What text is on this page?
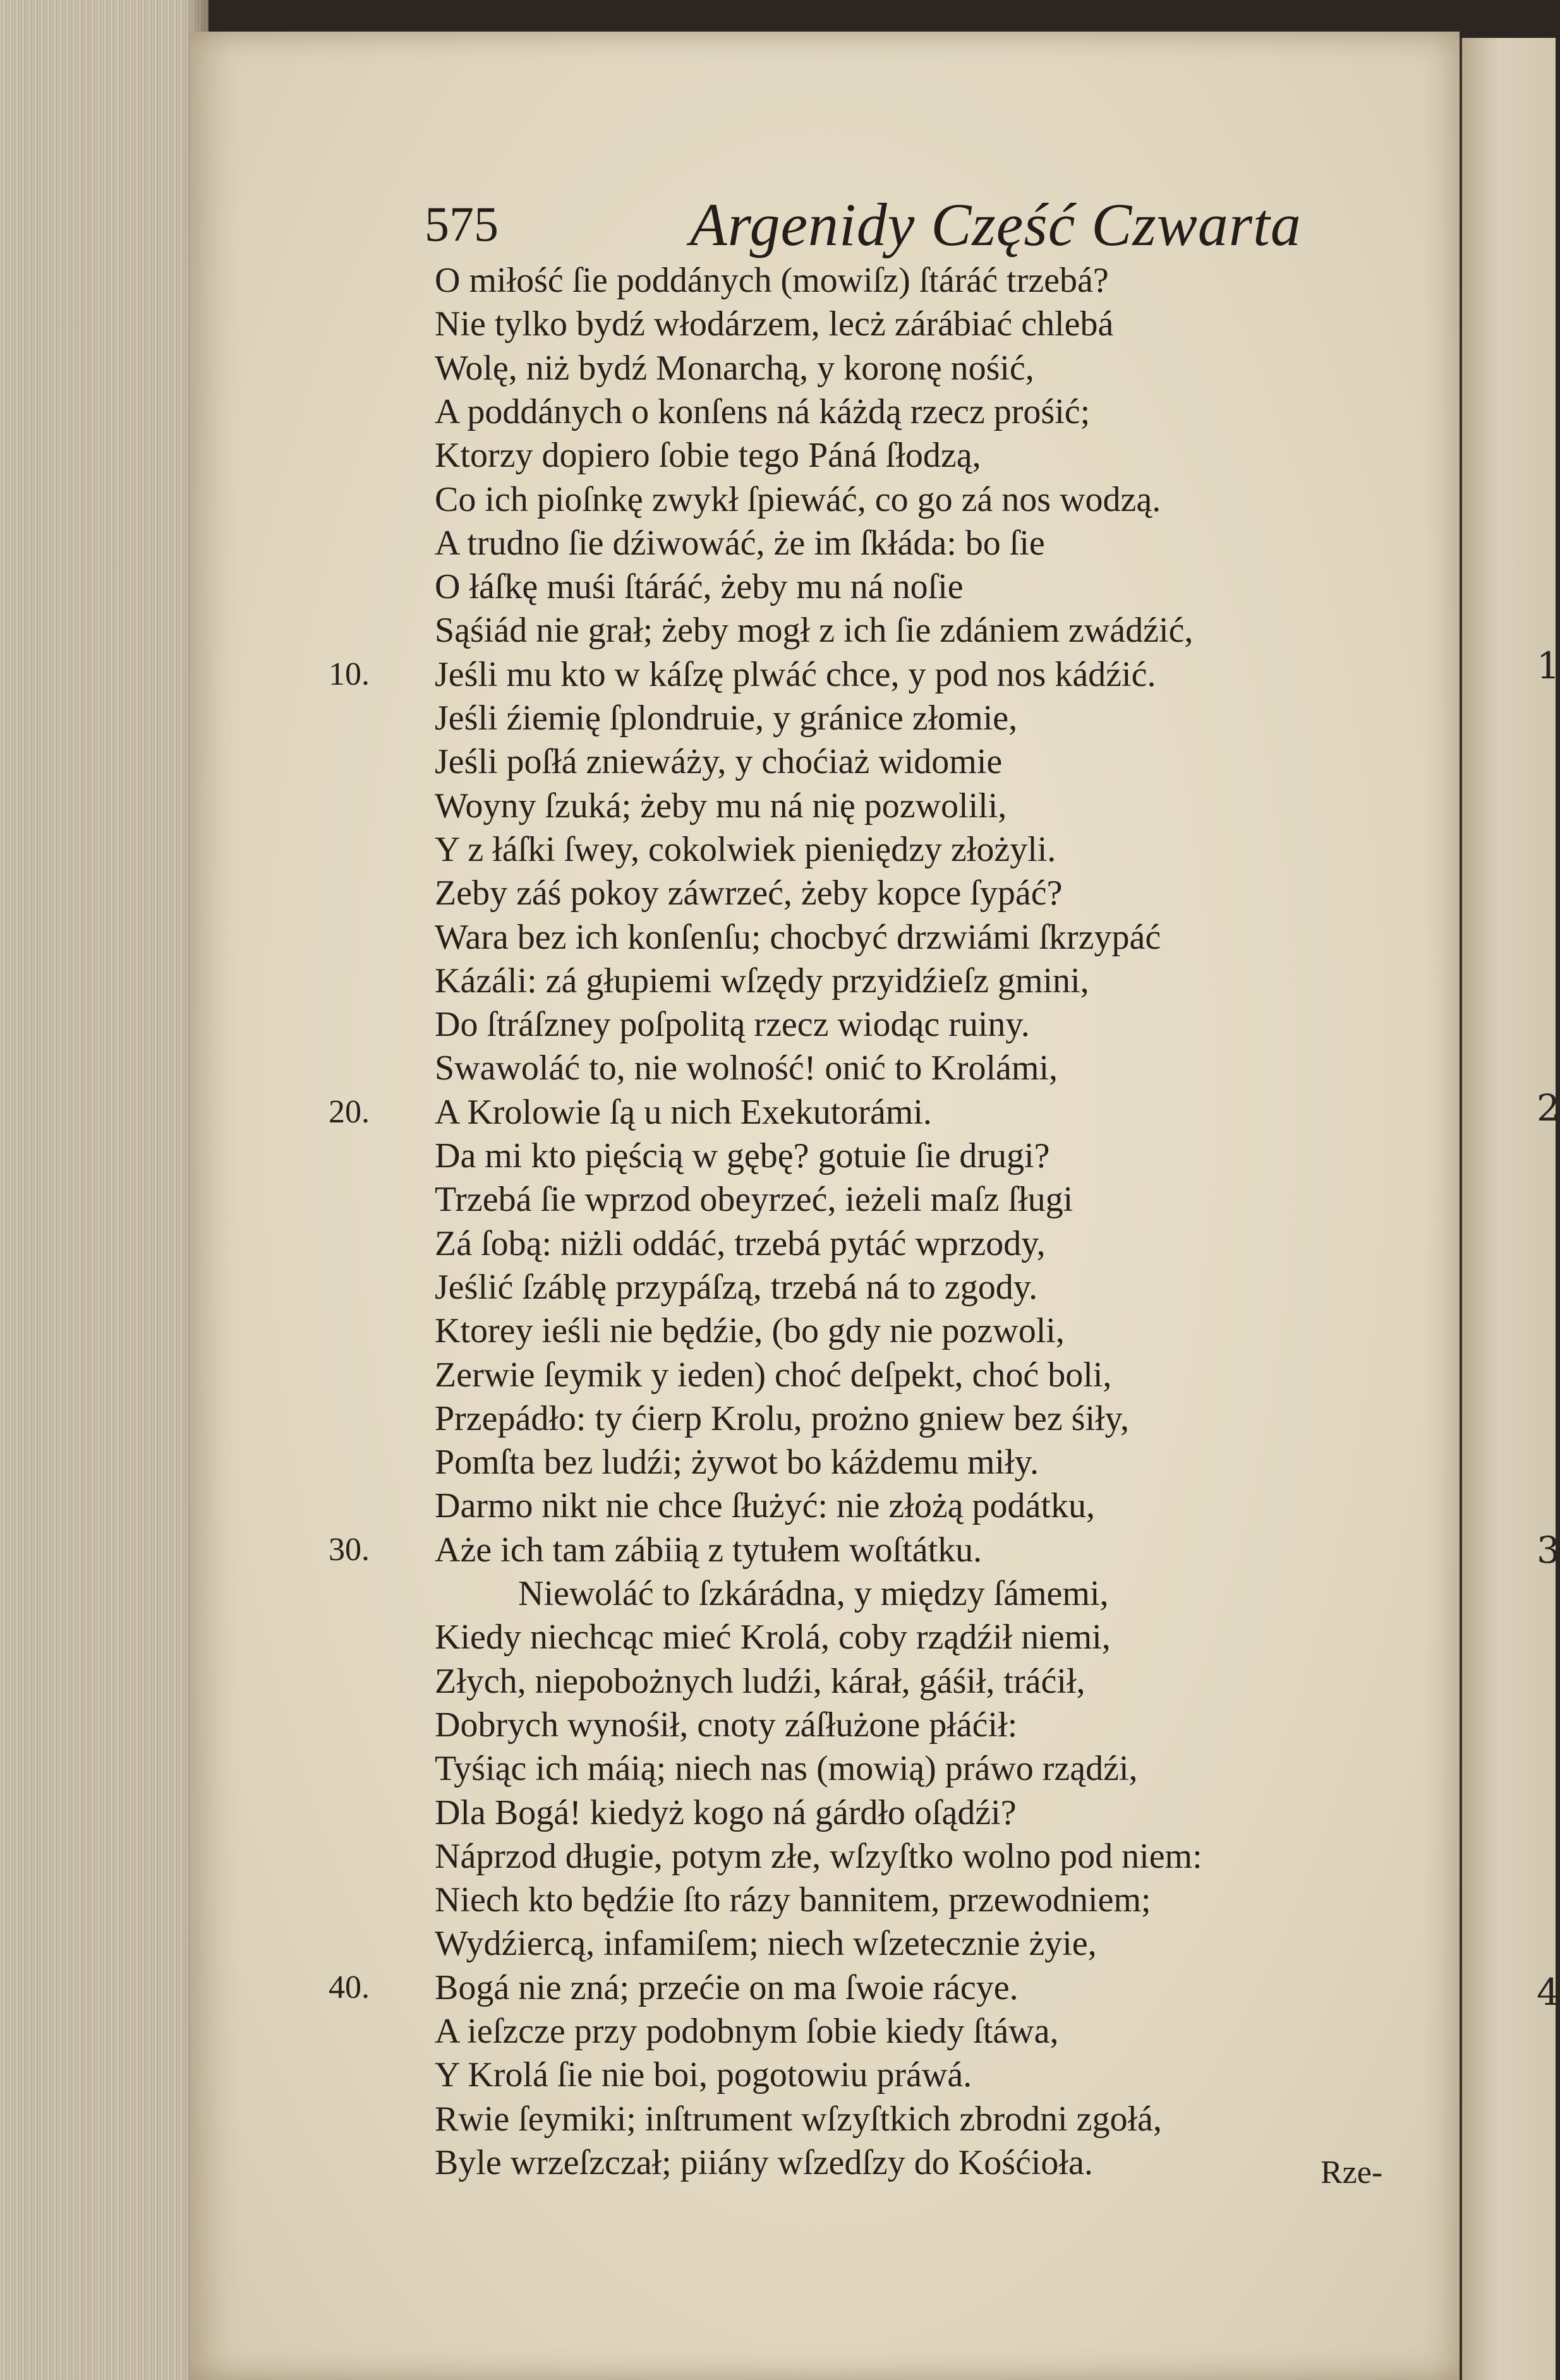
1
2
3
4
575	Argenidy Część Czwarta
O miłość ſie poddánych (mowiſz) ſtáráć trzebá?
Nie tylko bydź włodárzem, lecż zárábiać chlebá
Wolę, niż bydź Monarchą, y koronę nośić,
A poddánych o konſens ná káżdą rzecz prośić;
Ktorzy dopiero ſobie tego Páná ſłodzą,
Co ich pioſnkę zwykł ſpiewáć, co go zá nos wodzą.
A trudno ſie dźiwowáć, że im ſkłáda: bo ſie
O łáſkę muśi ſtáráć, żeby mu ná noſie
Sąśiád nie grał; żeby mogł z ich ſie zdániem zwádźić,
Jeśli mu kto w káſzę plwáć chce, y pod nos kádźić.
10.
Jeśli źiemię ſplondruie, y gránice złomie,
Jeśli poſłá zniewáży, y choćiaż widomie
Woyny ſzuká; żeby mu ná nię pozwolili,
Y z łáſki ſwey, cokolwiek pieniędzy złożyli.
Zeby záś pokoy záwrzeć, żeby kopce ſypáć?
Wara bez ich konſenſu; chocbyć drzwiámi ſkrzypáć
Kázáli: zá głupiemi wſzędy przyidźieſz gmini,
Do ſtráſzney poſpolitą rzecz wiodąc ruiny.
Swawoláć to, nie wolność! onić to Krolámi,
A Krolowie ſą u nich Exekutorámi.
20.
Da mi kto pięścią w gębę? gotuie ſie drugi?
Trzebá ſie wprzod obeyrzeć, ieżeli maſz ſługi
Zá ſobą: niżli oddáć, trzebá pytáć wprzody,
Jeślić ſzáblę przypáſzą, trzebá ná to zgody.
Ktorey ieśli nie będźie, (bo gdy nie pozwoli,
Zerwie ſeymik y ieden) choć deſpekt, choć boli,
Przepádło: ty ćierp Krolu, prożno gniew bez śiły,
Pomſta bez ludźi; żywot bo káżdemu miły.
Darmo nikt nie chce ſłużyć: nie złożą podátku,
Aże ich tam zábiią z tytułem woſtátku.
30.
Niewoláć to ſzkárádna, y między ſámemi,
Kiedy niechcąc mieć Krolá, coby rządźił niemi,
Złych, niepobożnych ludźi, kárał, gáśił, tráćił,
Dobrych wynośił, cnoty záſłużone płáćił:
Tyśiąc ich máią; niech nas (mowią) práwo rządźi,
Dla Bogá! kiedyż kogo ná gárdło oſądźi?
Náprzod długie, potym złe, wſzyſtko wolno pod niem:
Niech kto będźie ſto rázy bannitem, przewodniem;
Wydźiercą, infamiſem; niech wſzetecznie żyie,
Bogá nie zná; przećie on ma ſwoie rácye.
40.
A ieſzcze przy podobnym ſobie kiedy ſtáwa,
Y Krolá ſie nie boi, pogotowiu práwá.
Rwie ſeymiki; inſtrument wſzyſtkich zbrodni zgołá,
Byle wrzeſzczał; piiány wſzedſzy do Kośćioła.	Rze-
